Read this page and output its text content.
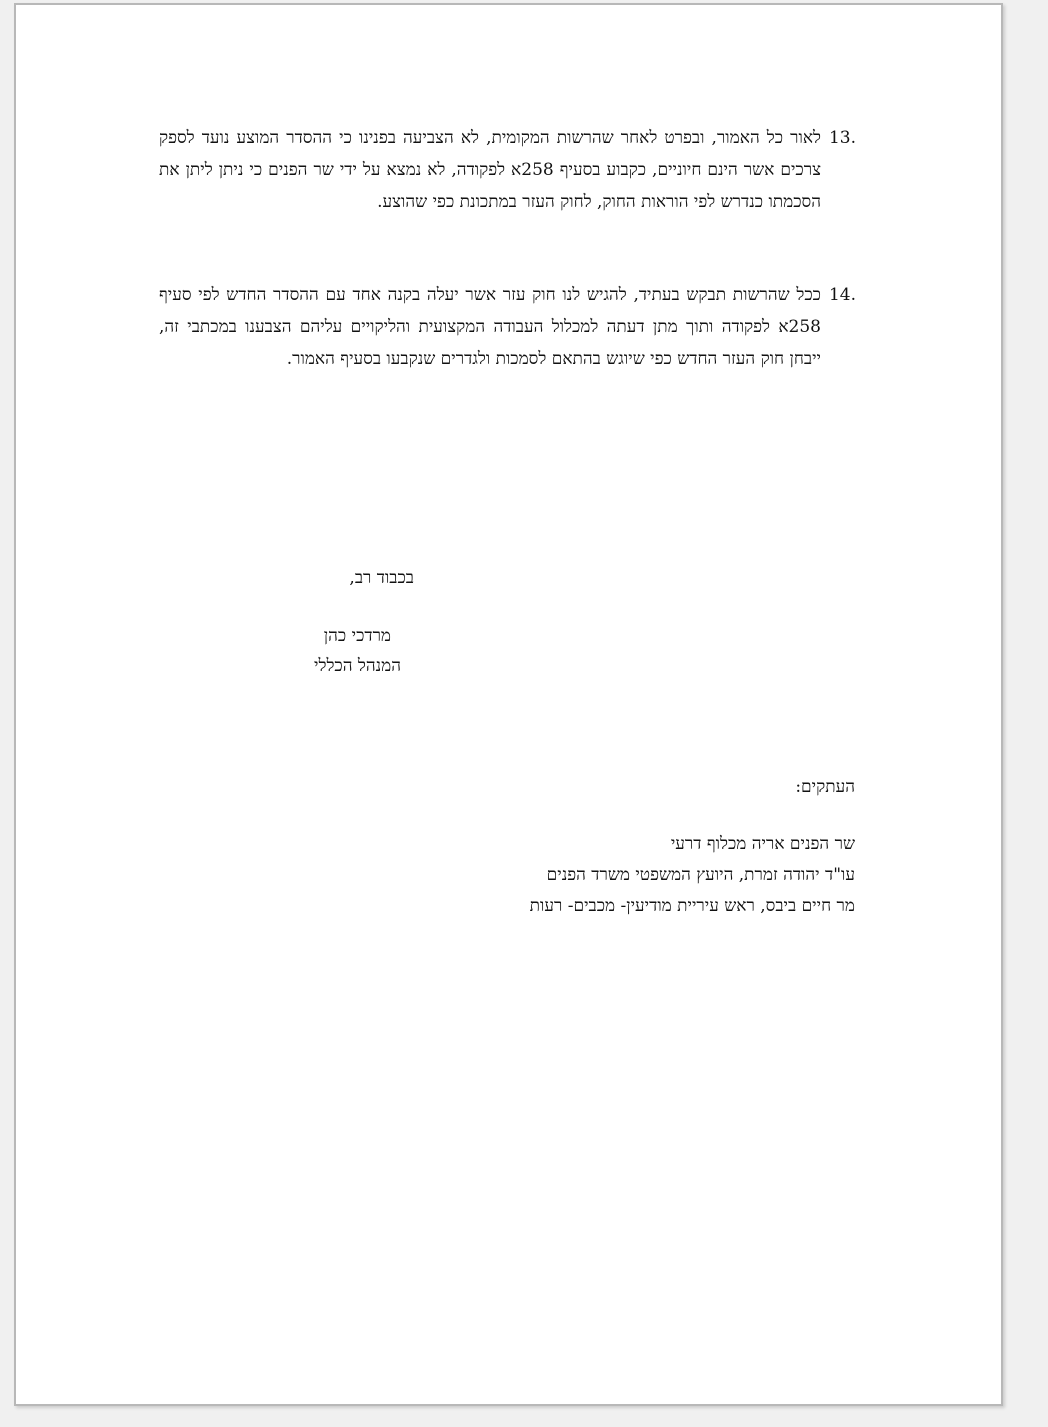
13.
לאור כל האמור, ובפרט לאחר שהרשות המקומית, לא הצביעה בפנינו כי ההסדר המוצע נועד לספק צרכים אשר הינם חיוניים, כקבוע בסעיף 258א לפקודה, לא נמצא על ידי שר הפנים כי ניתן ליתן את הסכמתו כנדרש לפי הוראות החוק, לחוק העזר במתכונת כפי שהוצע.
14.
ככל שהרשות תבקש בעתיד, להגיש לנו חוק עזר אשר יעלה בקנה אחד עם ההסדר החדש לפי סעיף 258א לפקודה ותוך מתן דעתה למכלול העבודה המקצועית והליקויים עליהם הצבענו במכתבי זה, ייבחן חוק העזר החדש כפי שיוגש בהתאם לסמכות ולגדרים שנקבעו בסעיף האמור.
בכבוד רב,
מרדכי כהן
המנהל הכללי
העתקים:
שר הפנים אריה מכלוף דרעי
עו"ד יהודה זמרת, היועץ המשפטי משרד הפנים
מר חיים ביבס, ראש עיריית מודיעין- מכבים- רעות
